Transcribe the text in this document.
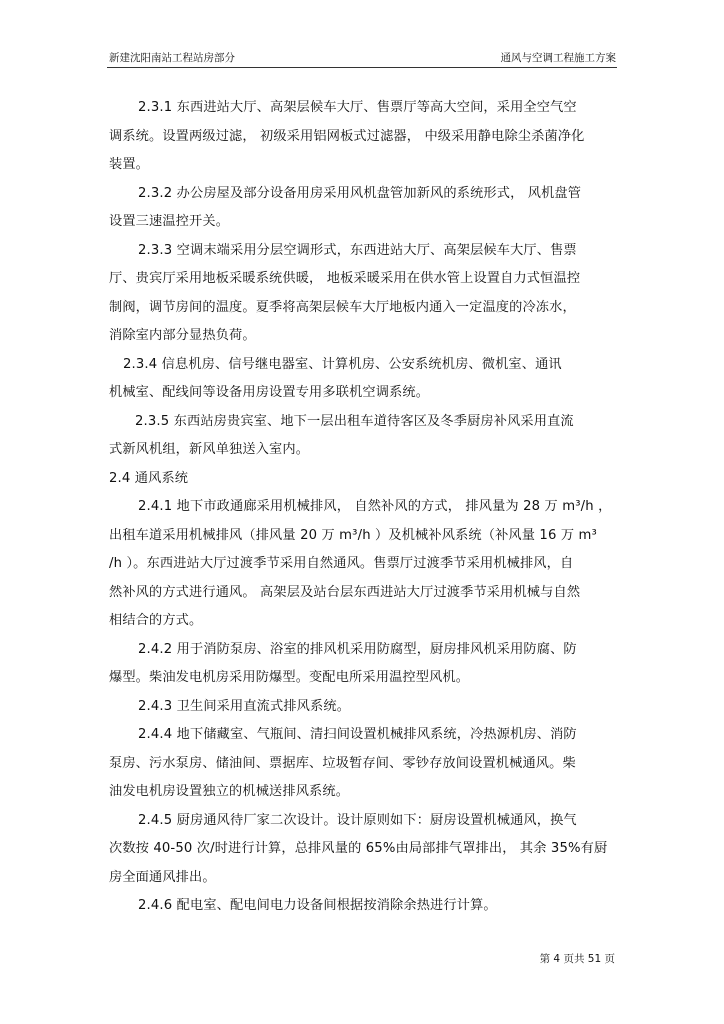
新建沈阳南站工程站房部分	通风与空调工程施工方案
2.3.1 东西进站大厅、高架层候车大厅、售票厅等高大空间，采用全空气空
调系统。设置两级过滤， 初级采用铝网板式过滤器， 中级采用静电除尘杀菌净化
装置。
2.3.2 办公房屋及部分设备用房采用风机盘管加新风的系统形式， 风机盘管
设置三速温控开关。
2.3.3 空调末端采用分层空调形式，东西进站大厅、高架层候车大厅、售票
厅、贵宾厅采用地板采暖系统供暖， 地板采暖采用在供水管上设置自力式恒温控
制阀，调节房间的温度。夏季将高架层候车大厅地板内通入一定温度的冷冻水，
消除室内部分显热负荷。
2.3.4 信息机房、信号继电器室、计算机房、公安系统机房、微机室、通讯
机械室、配线间等设备用房设置专用多联机空调系统。
2.3.5 东西站房贵宾室、地下一层出租车道待客区及冬季厨房补风采用直流
式新风机组，新风单独送入室内。
2.4 通风系统
2.4.1 地下市政通廊采用机械排风， 自然补风的方式， 排风量为 28 万 m³/h ，
出租车道采用机械排风（排风量 20 万 m³/h ）及机械补风系统（补风量 16 万 m³
/h ）。东西进站大厅过渡季节采用自然通风。售票厅过渡季节采用机械排风，自
然补风的方式进行通风。 高架层及站台层东西进站大厅过渡季节采用机械与自然
相结合的方式。
2.4.2 用于消防泵房、浴室的排风机采用防腐型，厨房排风机采用防腐、防
爆型。柴油发电机房采用防爆型。变配电所采用温控型风机。
2.4.3 卫生间采用直流式排风系统。
2.4.4 地下储藏室、气瓶间、清扫间设置机械排风系统，冷热源机房、消防
泵房、污水泵房、储油间、票据库、垃圾暂存间、零钞存放间设置机械通风。柴
油发电机房设置独立的机械送排风系统。
2.4.5 厨房通风待厂家二次设计。设计原则如下：厨房设置机械通风，换气
次数按 40-50 次/时进行计算，总排风量的 65%由局部排气罩排出， 其余 35%有厨
房全面通风排出。
2.4.6 配电室、配电间电力设备间根据按消除余热进行计算。
第 4 页共 51 页
